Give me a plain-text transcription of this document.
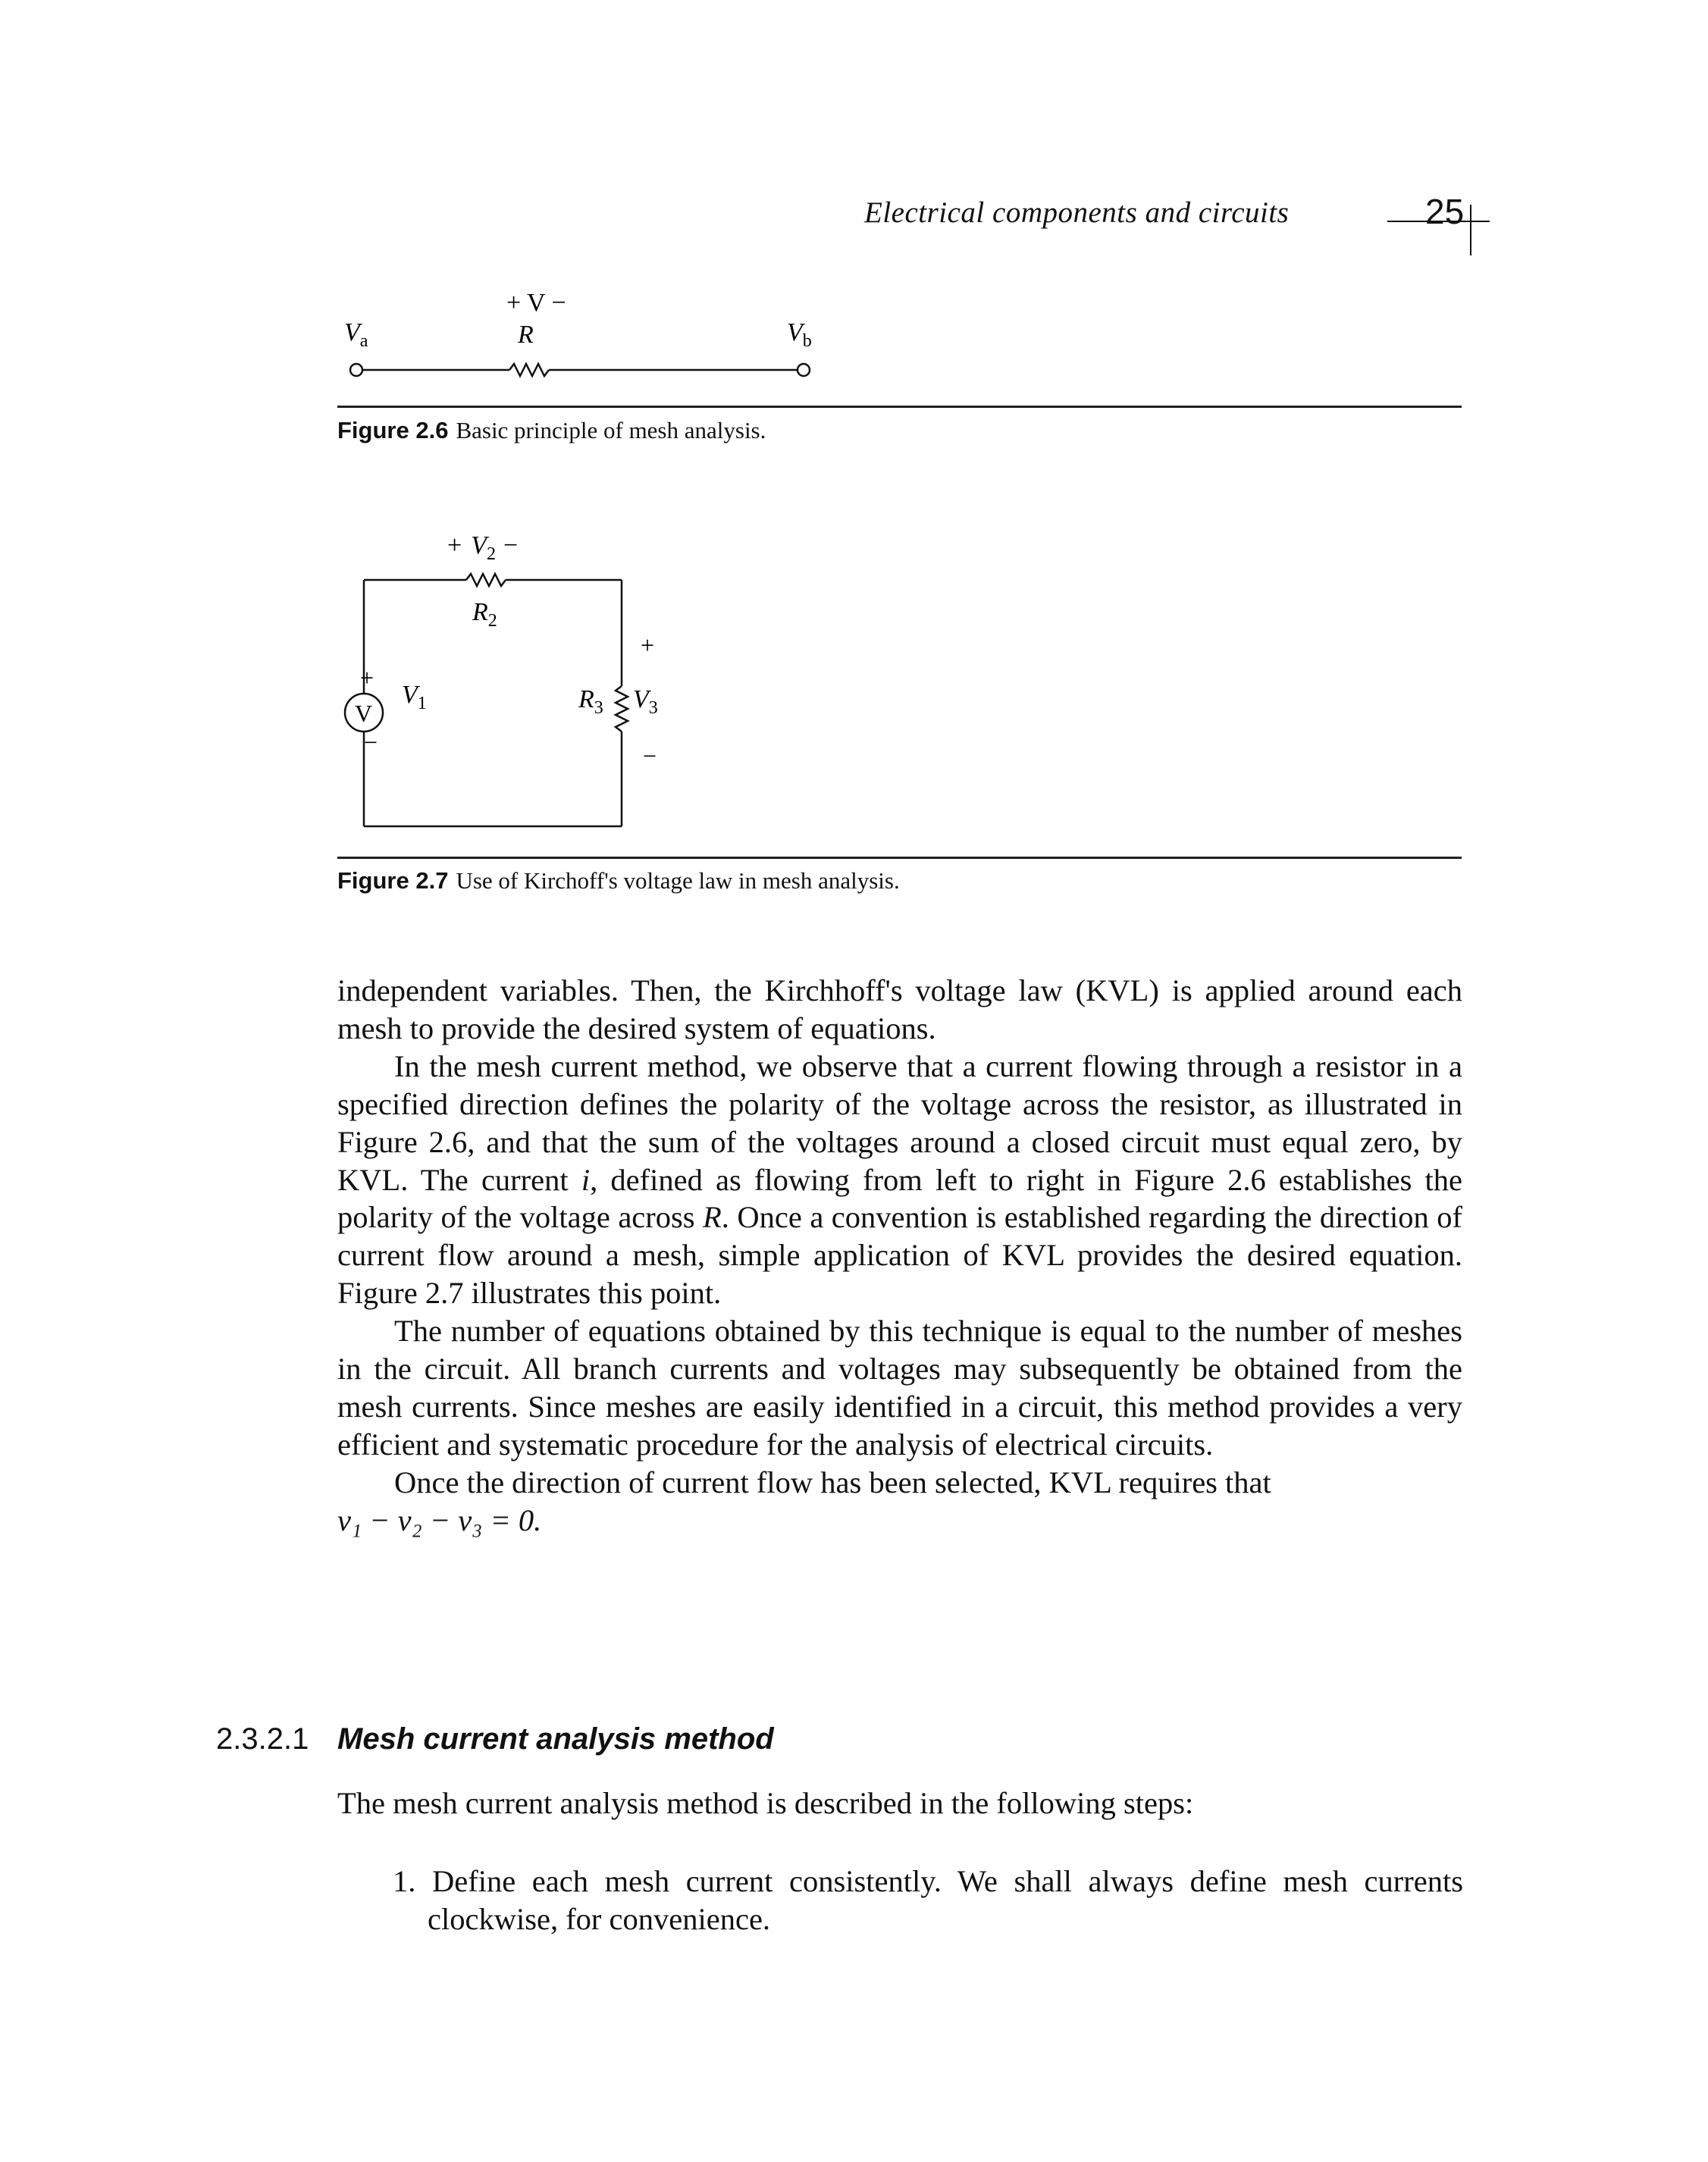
Electrical components and circuits	25
+ V −
$V_a$	R	$V_b$
Figure 2.6 Basic principle of mesh analysis.
+ $V_2$ −
$R_2$
V
+
−
$V_1$	$R_3$ $V_3$
+
−
Figure 2.7 Use of Kirchoff's voltage law in mesh analysis.

independent variables. Then, the Kirchhoff's voltage law (KVL) is applied around each mesh to provide the desired system of equations.

In the mesh current method, we observe that a current flowing through a resistor in a specified direction defines the polarity of the voltage across the resistor, as illustrated in Figure 2.6, and that the sum of the voltages around a closed circuit must equal zero, by KVL. The current i, defined as flowing from left to right in Figure 2.6 establishes the polarity of the voltage across R. Once a convention is established regarding the direction of current flow around a mesh, simple application of KVL provides the desired equation. Figure 2.7 illustrates this point.

The number of equations obtained by this technique is equal to the number of meshes in the circuit. All branch currents and voltages may subsequently be obtained from the mesh currents. Since meshes are easily identified in a circuit, this method provides a very efficient and systematic procedure for the analysis of electrical circuits.

Once the direction of current flow has been selected, KVL requires that

v₁ − v₂ − v₃ = 0.

2.3.2.1 Mesh current analysis method
The mesh current analysis method is described in the following steps:
1. Define each mesh current consistently. We shall always define mesh currents clockwise, for convenience.
